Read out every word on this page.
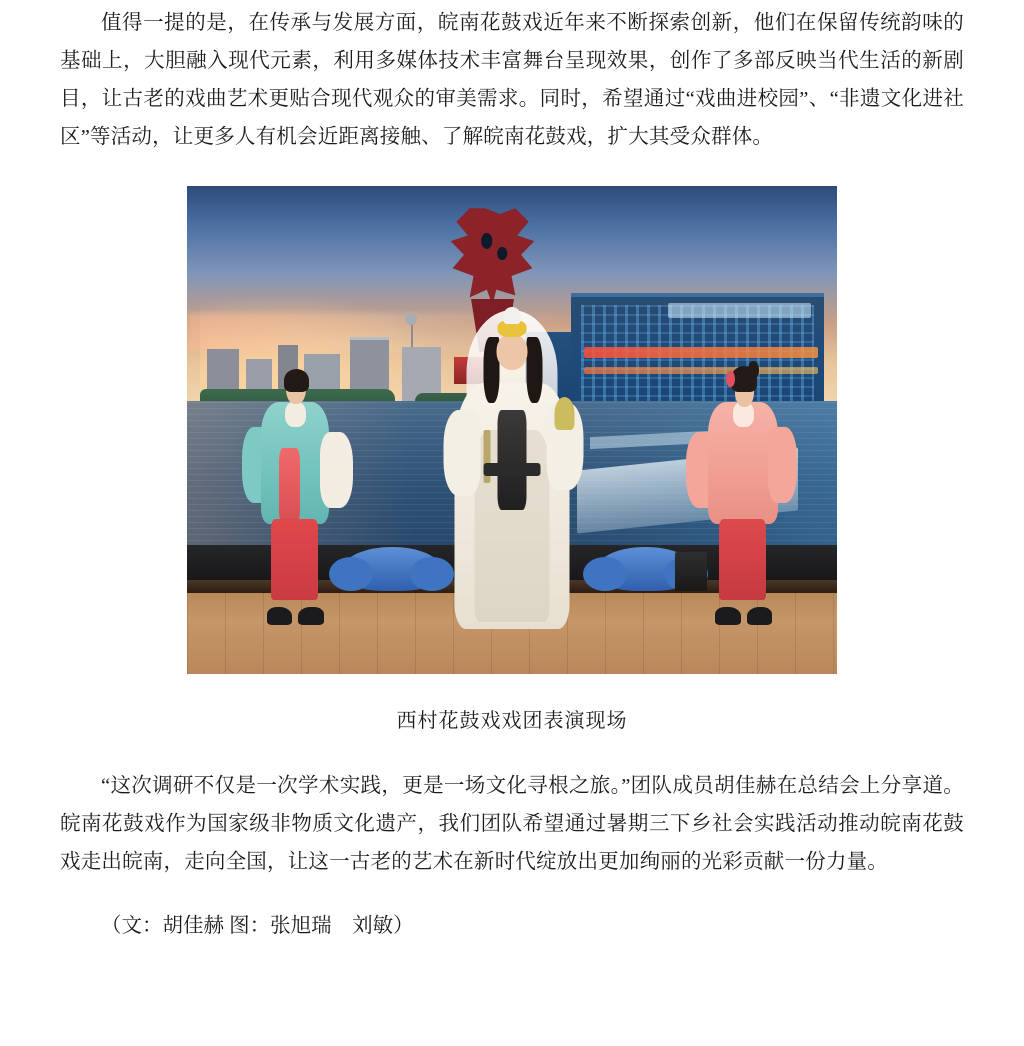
值得一提的是，在传承与发展方面，皖南花鼓戏近年来不断探索创新，他们在保留传统韵味的基础上，大胆融入现代元素，利用多媒体技术丰富舞台呈现效果，创作了多部反映当代生活的新剧目，让古老的戏曲艺术更贴合现代观众的审美需求。同时，希望通过“戏曲进校园”、“非遗文化进社区”等活动，让更多人有机会近距离接触、了解皖南花鼓戏，扩大其受众群体。

西村花鼓戏戏团表演现场

“这次调研不仅是一次学术实践，更是一场文化寻根之旅。”团队成员胡佳赫在总结会上分享道。皖南花鼓戏作为国家级非物质文化遗产，我们团队希望通过暑期三下乡社会实践活动推动皖南花鼓戏走出皖南，走向全国，让这一古老的艺术在新时代绽放出更加绚丽的光彩贡献一份力量。

（文：胡佳赫 图：张旭瑞　刘敏）
